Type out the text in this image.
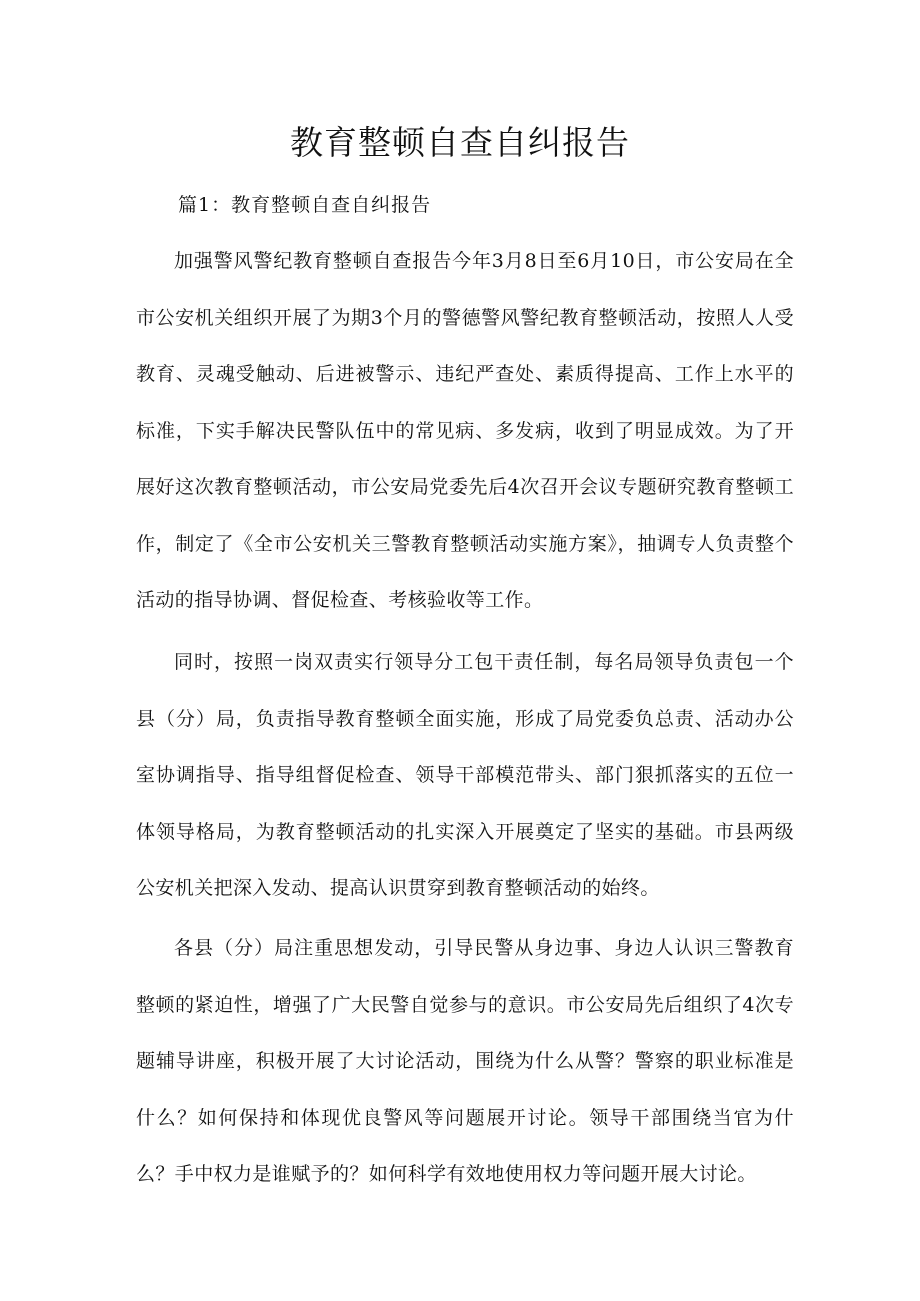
教育整顿自查自纠报告

篇1：教育整顿自查自纠报告

加强警风警纪教育整顿自查报告今年3月8日至6月10日，市公安局在全市公安机关组织开展了为期3个月的警德警风警纪教育整顿活动，按照人人受教育、灵魂受触动、后进被警示、违纪严查处、素质得提高、工作上水平的标准，下实手解决民警队伍中的常见病、多发病，收到了明显成效。为了开展好这次教育整顿活动，市公安局党委先后4次召开会议专题研究教育整顿工作，制定了《全市公安机关三警教育整顿活动实施方案》，抽调专人负责整个活动的指导协调、督促检查、考核验收等工作。

同时，按照一岗双责实行领导分工包干责任制，每名局领导负责包一个县（分）局，负责指导教育整顿全面实施，形成了局党委负总责、活动办公室协调指导、指导组督促检查、领导干部模范带头、部门狠抓落实的五位一体领导格局，为教育整顿活动的扎实深入开展奠定了坚实的基础。市县两级公安机关把深入发动、提高认识贯穿到教育整顿活动的始终。

各县（分）局注重思想发动，引导民警从身边事、身边人认识三警教育整顿的紧迫性，增强了广大民警自觉参与的意识。市公安局先后组织了4次专题辅导讲座，积极开展了大讨论活动，围绕为什么从警？警察的职业标准是什么？如何保持和体现优良警风等问题展开讨论。领导干部围绕当官为什么？手中权力是谁赋予的？如何科学有效地使用权力等问题开展大讨论。
